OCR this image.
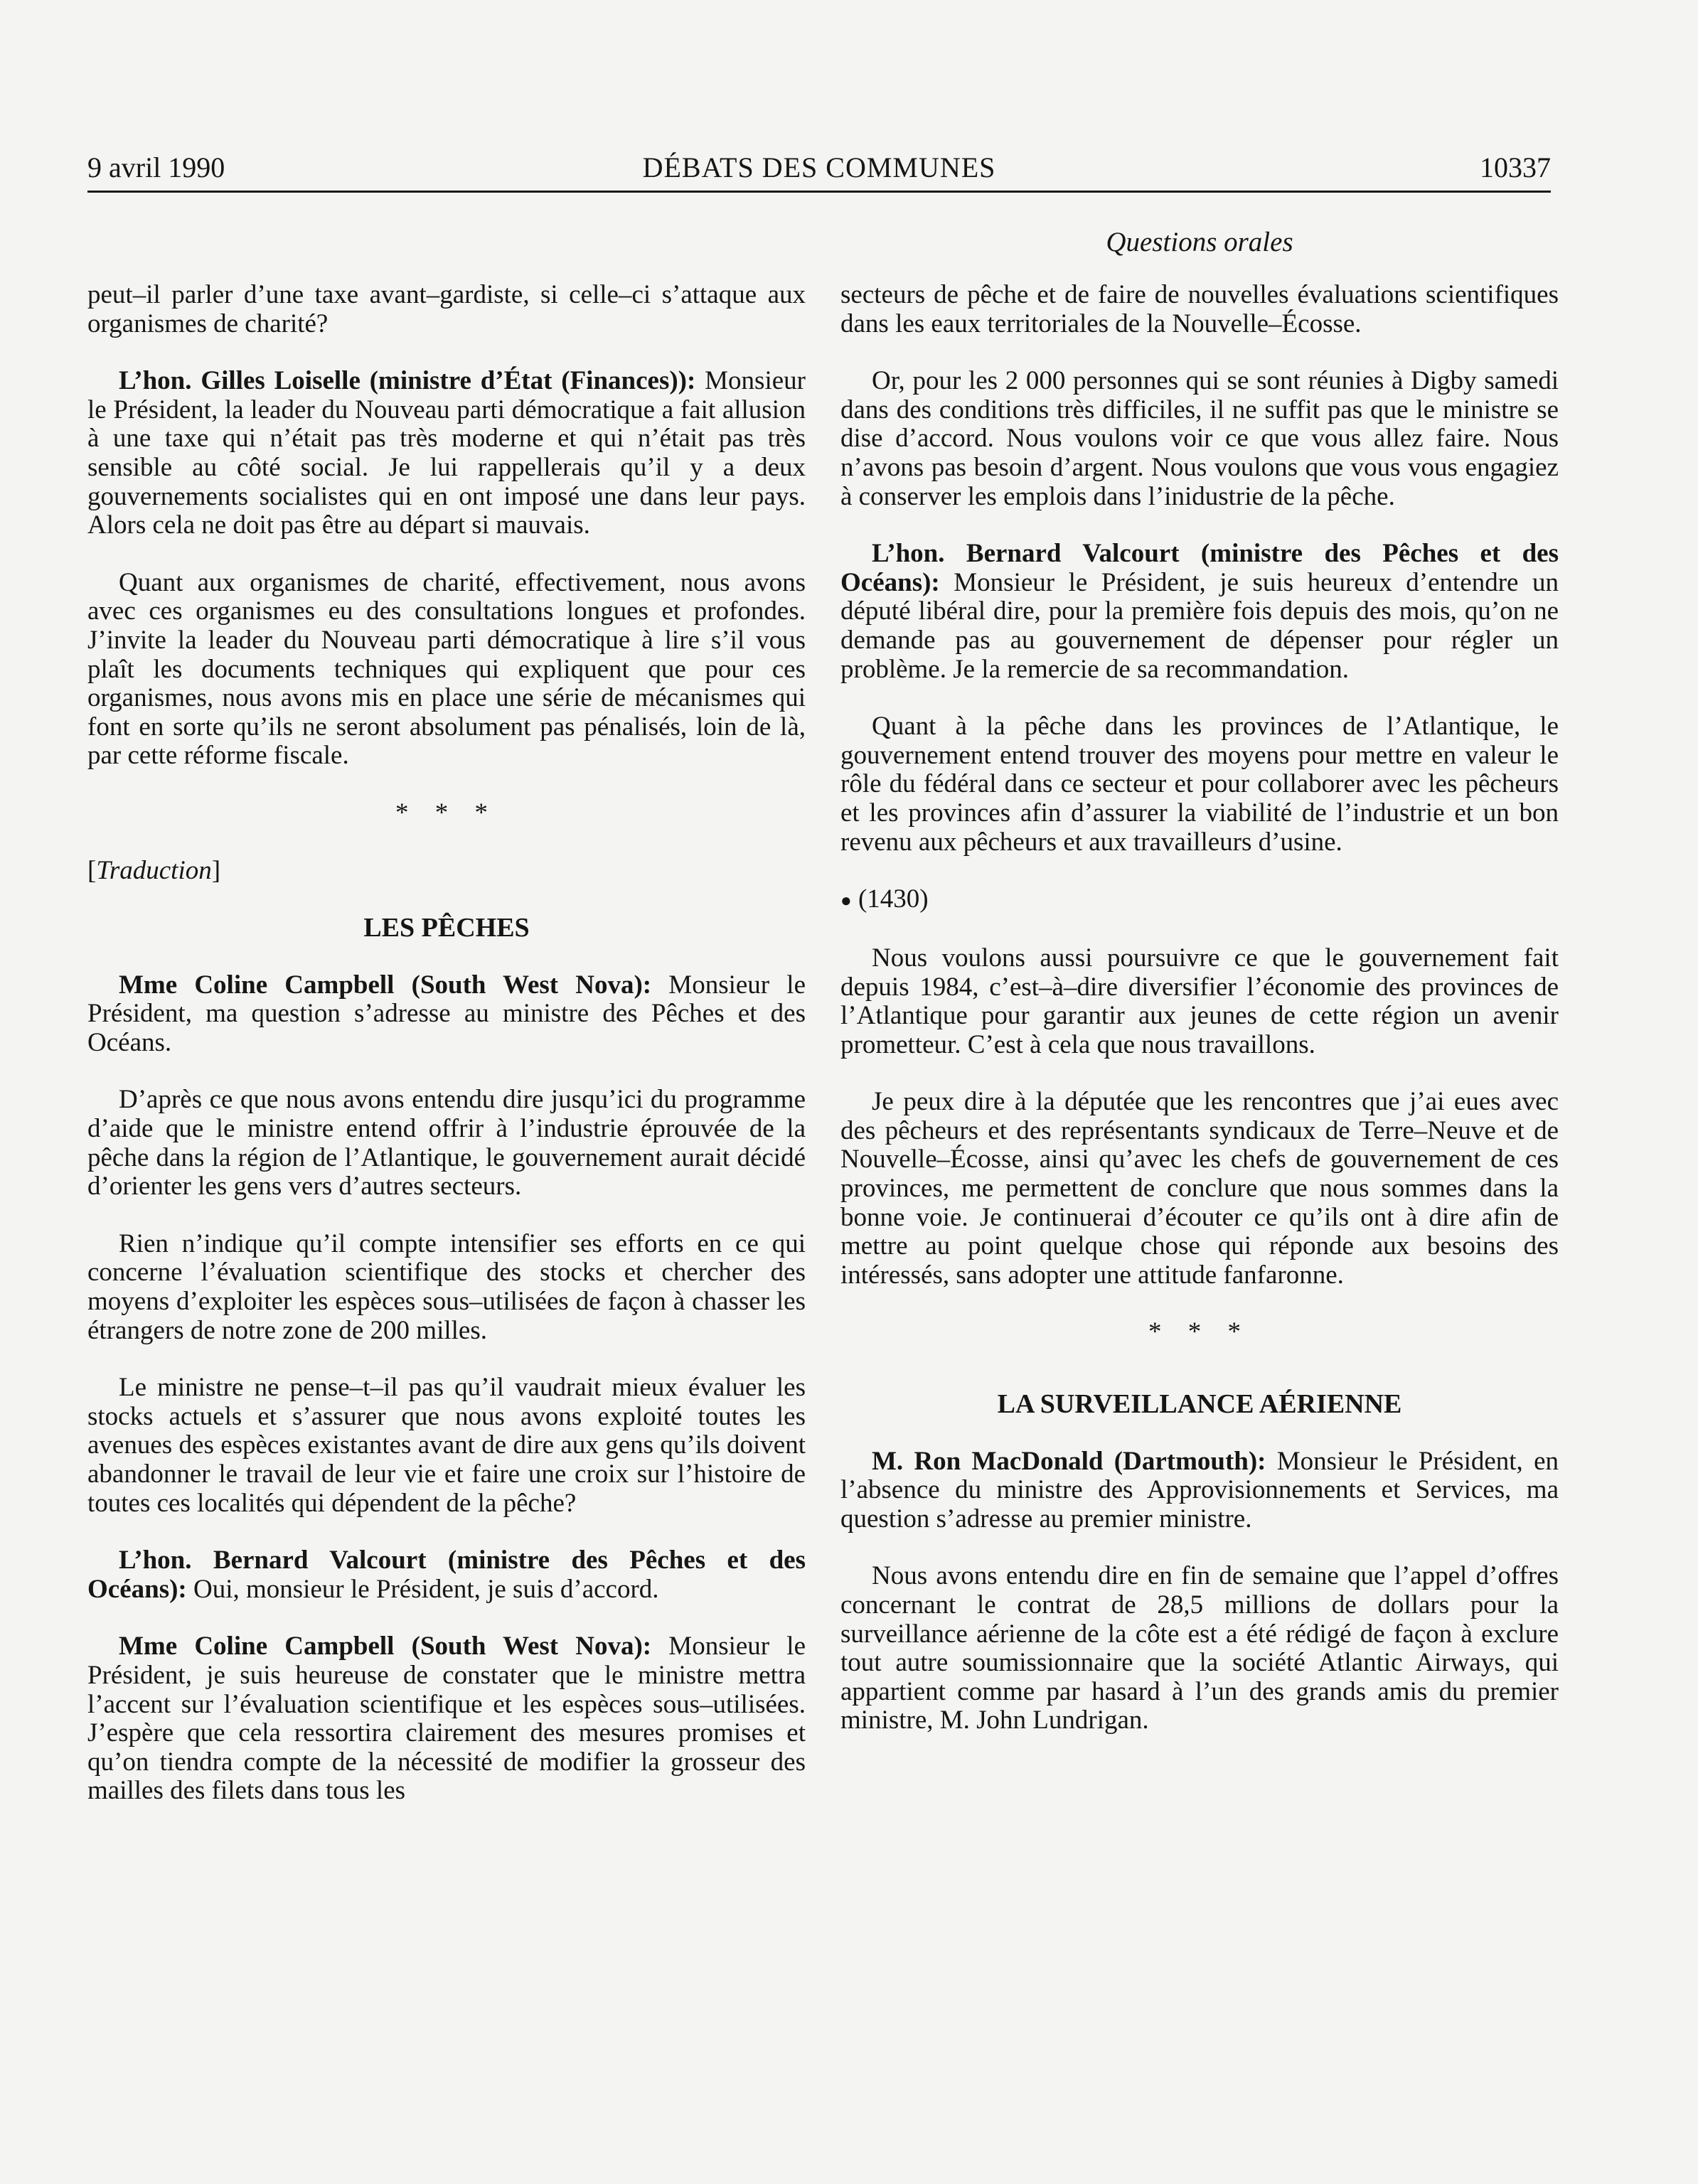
9 avril 1990	DÉBATS DES COMMUNES	10337
Questions orales

peut–il parler d’une taxe avant–gardiste, si celle–ci s’attaque aux organismes de charité?

L’hon. Gilles Loiselle (ministre d’État (Finances)): Monsieur le Président, la leader du Nouveau parti démocratique a fait allusion à une taxe qui n’était pas très moderne et qui n’était pas très sensible au côté social. Je lui rappellerais qu’il y a deux gouvernements socialistes qui en ont imposé une dans leur pays. Alors cela ne doit pas être au départ si mauvais.

Quant aux organismes de charité, effectivement, nous avons avec ces organismes eu des consultations longues et profondes. J’invite la leader du Nouveau parti démocratique à lire s’il vous plaît les documents techniques qui expliquent que pour ces organismes, nous avons mis en place une série de mécanismes qui font en sorte qu’ils ne seront absolument pas pénalisés, loin de là, par cette réforme fiscale.

* * *

[Traduction]

LES PÊCHES

Mme Coline Campbell (South West Nova): Monsieur le Président, ma question s’adresse au ministre des Pêches et des Océans.

D’après ce que nous avons entendu dire jusqu’ici du programme d’aide que le ministre entend offrir à l’industrie éprouvée de la pêche dans la région de l’Atlantique, le gouvernement aurait décidé d’orienter les gens vers d’autres secteurs.

Rien n’indique qu’il compte intensifier ses efforts en ce qui concerne l’évaluation scientifique des stocks et chercher des moyens d’exploiter les espèces sous–utilisées de façon à chasser les étrangers de notre zone de 200 milles.

Le ministre ne pense–t–il pas qu’il vaudrait mieux évaluer les stocks actuels et s’assurer que nous avons exploité toutes les avenues des espèces existantes avant de dire aux gens qu’ils doivent abandonner le travail de leur vie et faire une croix sur l’histoire de toutes ces localités qui dépendent de la pêche?

L’hon. Bernard Valcourt (ministre des Pêches et des Océans): Oui, monsieur le Président, je suis d’accord.

Mme Coline Campbell (South West Nova): Monsieur le Président, je suis heureuse de constater que le ministre mettra l’accent sur l’évaluation scientifique et les espèces sous–utilisées. J’espère que cela ressortira clairement des mesures promises et qu’on tiendra compte de la nécessité de modifier la grosseur des mailles des filets dans tous les

secteurs de pêche et de faire de nouvelles évaluations scientifiques dans les eaux territoriales de la Nouvelle–Écosse.

Or, pour les 2 000 personnes qui se sont réunies à Digby samedi dans des conditions très difficiles, il ne suffit pas que le ministre se dise d’accord. Nous voulons voir ce que vous allez faire. Nous n’avons pas besoin d’argent. Nous voulons que vous vous engagiez à conserver les emplois dans l’inidustrie de la pêche.

L’hon. Bernard Valcourt (ministre des Pêches et des Océans): Monsieur le Président, je suis heureux d’entendre un député libéral dire, pour la première fois depuis des mois, qu’on ne demande pas au gouvernement de dépenser pour régler un problème. Je la remercie de sa recommandation.

Quant à la pêche dans les provinces de l’Atlantique, le gouvernement entend trouver des moyens pour mettre en valeur le rôle du fédéral dans ce secteur et pour collaborer avec les pêcheurs et les provinces afin d’assurer la viabilité de l’industrie et un bon revenu aux pêcheurs et aux travailleurs d’usine.

● (1430)

Nous voulons aussi poursuivre ce que le gouvernement fait depuis 1984, c’est–à–dire diversifier l’économie des provinces de l’Atlantique pour garantir aux jeunes de cette région un avenir prometteur. C’est à cela que nous travaillons.

Je peux dire à la députée que les rencontres que j’ai eues avec des pêcheurs et des représentants syndicaux de Terre–Neuve et de Nouvelle–Écosse, ainsi qu’avec les chefs de gouvernement de ces provinces, me permettent de conclure que nous sommes dans la bonne voie. Je continuerai d’écouter ce qu’ils ont à dire afin de mettre au point quelque chose qui réponde aux besoins des intéressés, sans adopter une attitude fanfaronne.

* * *
LA SURVEILLANCE AÉRIENNE

M. Ron MacDonald (Dartmouth): Monsieur le Président, en l’absence du ministre des Approvisionnements et Services, ma question s’adresse au premier ministre.

Nous avons entendu dire en fin de semaine que l’appel d’offres concernant le contrat de 28,5 millions de dollars pour la surveillance aérienne de la côte est a été rédigé de façon à exclure tout autre soumissionnaire que la société Atlantic Airways, qui appartient comme par hasard à l’un des grands amis du premier ministre, M. John Lundrigan.
